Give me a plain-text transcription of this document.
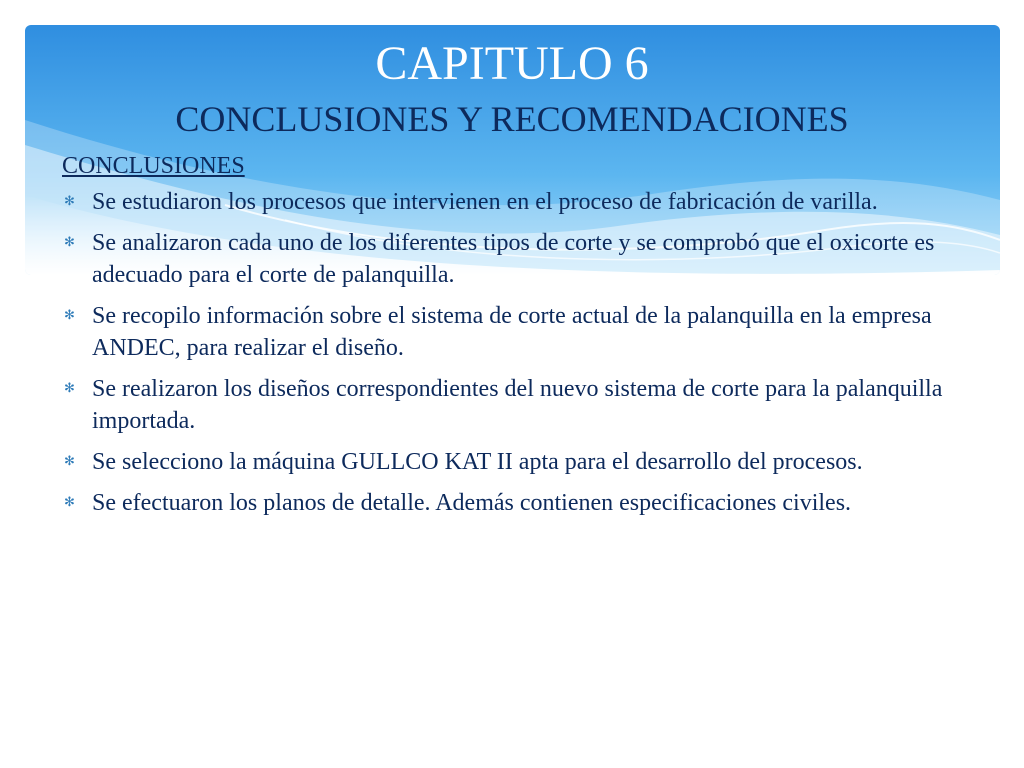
CAPITULO 6
CONCLUSIONES Y RECOMENDACIONES

CONCLUSIONES

✻ Se estudiaron los procesos que intervienen en el proceso de fabricación de varilla.
✻ Se analizaron cada uno de los diferentes tipos de corte y se comprobó que el oxicorte es adecuado para el corte de palanquilla.
✻ Se recopilo información sobre el sistema de corte actual de la palanquilla en la empresa ANDEC, para realizar el diseño.
✻ Se realizaron los diseños correspondientes del nuevo sistema de corte para la palanquilla importada.
✻ Se selecciono la máquina GULLCO KAT II apta para el desarrollo del procesos.
✻ Se efectuaron los planos de detalle. Además contienen especificaciones civiles.
